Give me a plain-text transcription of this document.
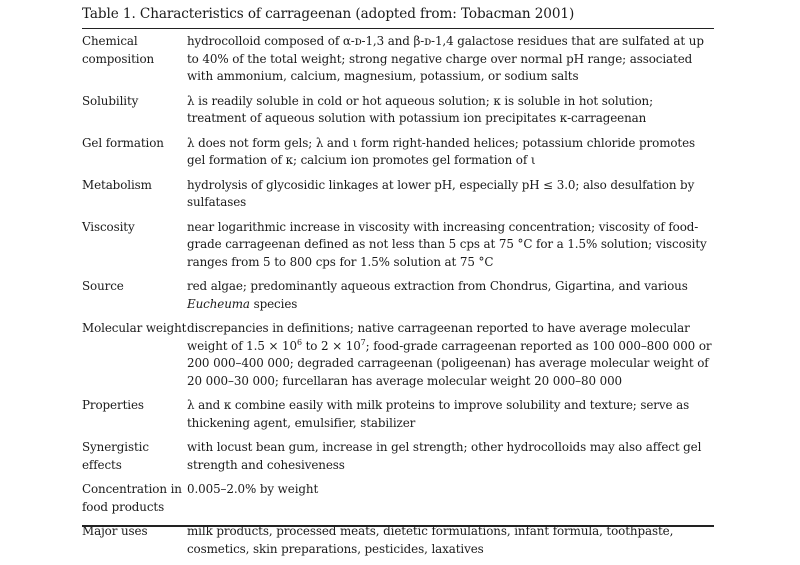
Table 1. Characteristics of carrageenan (adopted from: Tobacman 2001)
Chemical composition	hydrocolloid composed of α-ᴅ-1,3 and β-ᴅ-1,4 galactose residues that are sulfated at up to 40% of the total weight; strong negative charge over normal pH range; associated with ammonium, calcium, magnesium, potassium, or sodium salts
Solubility	λ is readily soluble in cold or hot aqueous solution; κ is soluble in hot solution; treatment of aqueous solution with potassium ion precipitates κ-carrageenan
Gel formation	λ does not form gels; λ and ι form right-handed helices; potassium chloride promotes gel formation of κ; calcium ion promotes gel formation of ι
Metabolism	hydrolysis of glycosidic linkages at lower pH, especially pH ≤ 3.0; also desulfation by sulfatases
Viscosity	near logarithmic increase in viscosity with increasing concentration; viscosity of food-grade carrageenan defined as not less than 5 cps at 75 °C for a 1.5% solution; viscosity ranges from 5 to 800 cps for 1.5% solution at 75 °C
Source	red algae; predominantly aqueous extraction from Chondrus, Gigartina, and various Eucheuma species
Molecular weight	discrepancies in definitions; native carrageenan reported to have average molecular weight of $1.5 \times 10^6$ to $2 \times 10^7$; food-grade carrageenan reported as 100 000–800 000 or 200 000–400 000; degraded carrageenan (poligeenan) has average molecular weight of 20 000–30 000; furcellaran has average molecular weight 20 000–80 000
Properties	λ and κ combine easily with milk proteins to improve solubility and texture; serve as thickening agent, emulsifier, stabilizer
Synergistic effects	with locust bean gum, increase in gel strength; other hydrocolloids may also affect gel strength and cohesiveness
Concentration in food products	0.005–2.0% by weight
Major uses	milk products, processed meats, dietetic formulations, infant formula, toothpaste, cosmetics, skin preparations, pesticides, laxatives
